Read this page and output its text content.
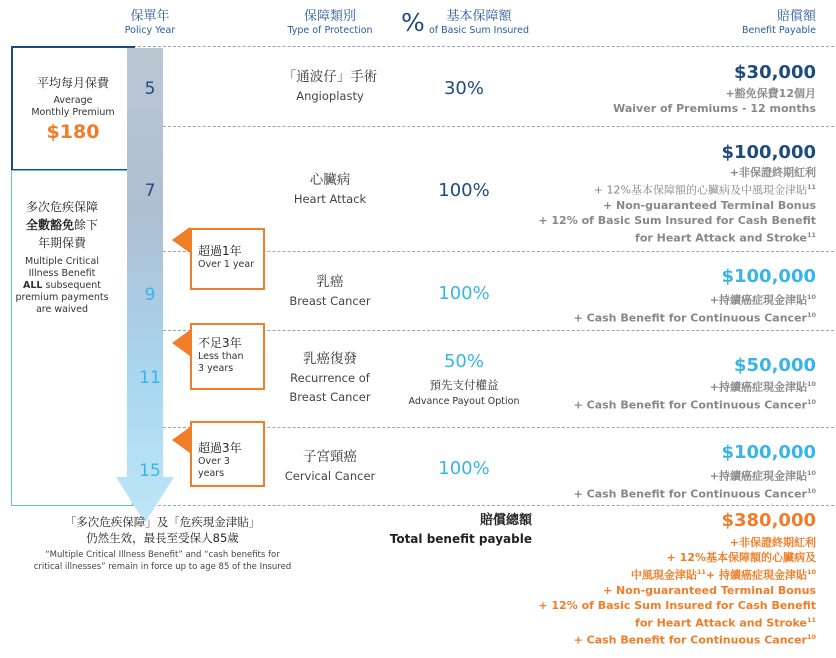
保單年
Policy Year
保障類別
Type of Protection	%	基本保障額
of Basic Sum Insured
賠償額
Benefit Payable
平均每月保費
Average
Monthly Premium
$180
多次危疾保障
全數豁免餘下
年期保費
Multiple Critical
Illness Benefit
ALL subsequent
premium payments
are waived
5
7
9
11
15
超過1年
Over 1 year
不足3年
Less than
3 years
超過3年
Over 3 years
「通波仔」手術
Angioplasty
心臟病
Heart Attack
乳癌
Breast Cancer
乳癌復發
Recurrence of
Breast Cancer
子宮頸癌
Cervical Cancer
30%
100%
100%
50%
預先支付權益
Advance Payout Option
100%
$30,000
+豁免保費12個月
Waiver of Premiums - 12 months
$100,000
+非保證終期紅利
+ 12%基本保障額的心臟病及中風現金津貼$^{11}$
+ Non-guaranteed Terminal Bonus
+ 12% of Basic Sum Insured for Cash Benefit
for Heart Attack and Stroke$^{11}$
$100,000
+持續癌症現金津貼$^{10}$
+ Cash Benefit for Continuous Cancer$^{10}$
$50,000
+持續癌症現金津貼$^{10}$
+ Cash Benefit for Continuous Cancer$^{10}$
$100,000
+持續癌症現金津貼$^{10}$
+ Cash Benefit for Continuous Cancer$^{10}$
「多次危疾保障」及「危疾現金津貼」
仍然生效，最長至受保人85歲
“Multiple Critical Illness Benefit” and “cash benefits for
critical illnesses” remain in force up to age 85 of the Insured
賠償總額
Total benefit payable
$380,000
+非保證終期紅利
+ 12%基本保障額的心臟病及
中風現金津貼$^{11}$+ 持續癌症現金津貼$^{10}$
+ Non-guaranteed Terminal Bonus
+ 12% of Basic Sum Insured for Cash Benefit
for Heart Attack and Stroke$^{11}$
+ Cash Benefit for Continuous Cancer$^{10}$
